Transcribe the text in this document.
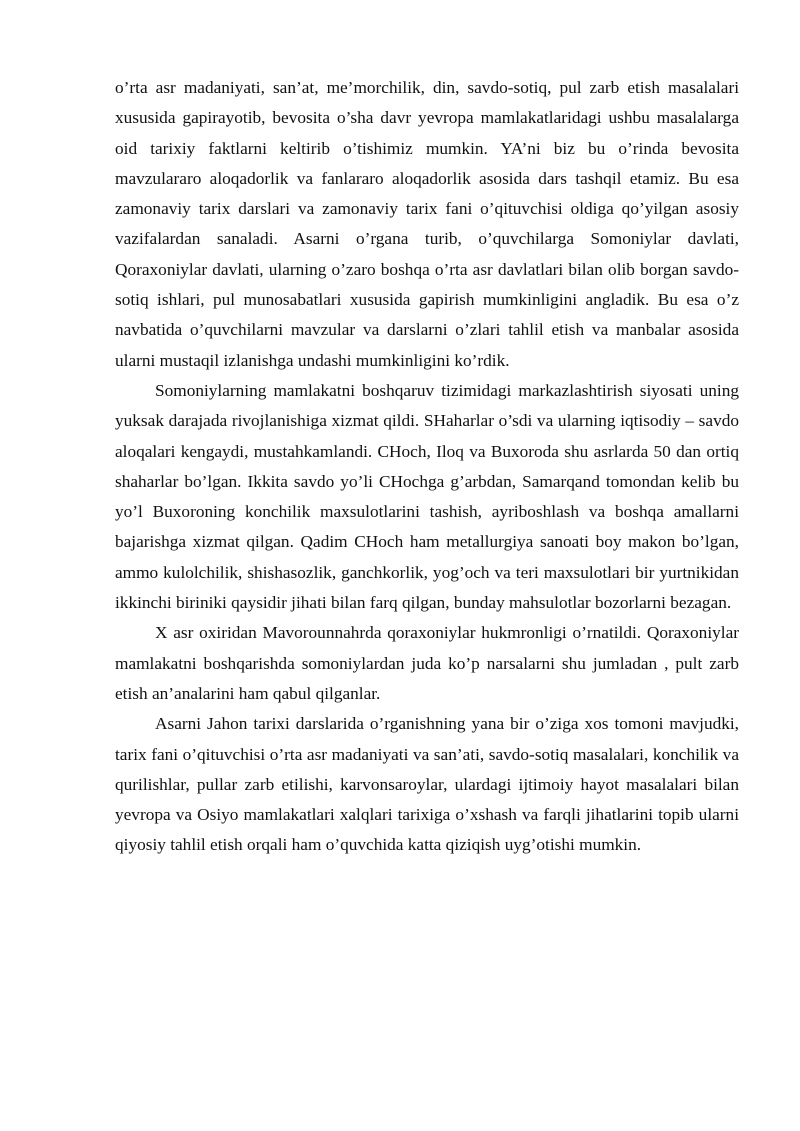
o’rta asr madaniyati, san’at, me’morchilik, din, savdo-sotiq, pul zarb etish masalalari xususida gapirayotib, bevosita o’sha davr yevropa mamlakatlaridagi ushbu masalalarga oid tarixiy faktlarni keltirib o’tishimiz mumkin. YA’ni biz bu o’rinda bevosita mavzulararo aloqadorlik va fanlararo aloqadorlik asosida dars tashqil etamiz. Bu esa zamonaviy tarix darslari va zamonaviy tarix fani o’qituvchisi oldiga qo’yilgan asosiy vazifalardan sanaladi. Asarni o’rgana turib, o’quvchilarga Somoniylar davlati, Qoraxoniylar davlati, ularning o’zaro boshqa o’rta asr davlatlari bilan olib borgan savdo-sotiq ishlari, pul munosabatlari xususida gapirish mumkinligini angladik. Bu esa o’z navbatida o’quvchilarni mavzular va darslarni o’zlari tahlil etish va manbalar asosida ularni mustaqil izlanishga undashi mumkinligini ko’rdik.

Somoniylarning mamlakatni boshqaruv tizimidagi markazlashtirish siyosati uning yuksak darajada rivojlanishiga xizmat qildi. SHaharlar o’sdi va ularning iqtisodiy – savdo aloqalari kengaydi, mustahkamlandi. CHoch, Iloq va Buxoroda shu asrlarda 50 dan ortiq shaharlar bo’lgan. Ikkita savdo yo’li CHochga g’arbdan, Samarqand tomondan kelib bu yo’l Buxoroning konchilik maxsulotlarini tashish, ayriboshlash va boshqa amallarni bajarishga xizmat qilgan. Qadim CHoch ham metallurgiya sanoati boy makon bo’lgan, ammo kulolchilik, shishasozlik, ganchkorlik, yog’och va teri maxsulotlari bir yurtnikidan ikkinchi biriniki qaysidir jihati bilan farq qilgan, bunday mahsulotlar bozorlarni bezagan.

X asr oxiridan Mavorounnahrda qoraxoniylar hukmronligi o’rnatildi. Qoraxoniylar mamlakatni boshqarishda somoniylardan juda ko’p narsalarni shu jumladan , pult zarb etish an’analarini ham qabul qilganlar.

Asarni Jahon tarixi darslarida o’rganishning yana bir o’ziga xos tomoni mavjudki, tarix fani o’qituvchisi o’rta asr madaniyati va san’ati, savdo-sotiq masalalari, konchilik va qurilishlar, pullar zarb etilishi, karvonsaroylar, ulardagi ijtimoiy hayot masalalari bilan yevropa va Osiyo mamlakatlari xalqlari tarixiga o’xshash va farqli jihatlarini topib ularni qiyosiy tahlil etish orqali ham o’quvchida katta qiziqish uyg’otishi mumkin.
